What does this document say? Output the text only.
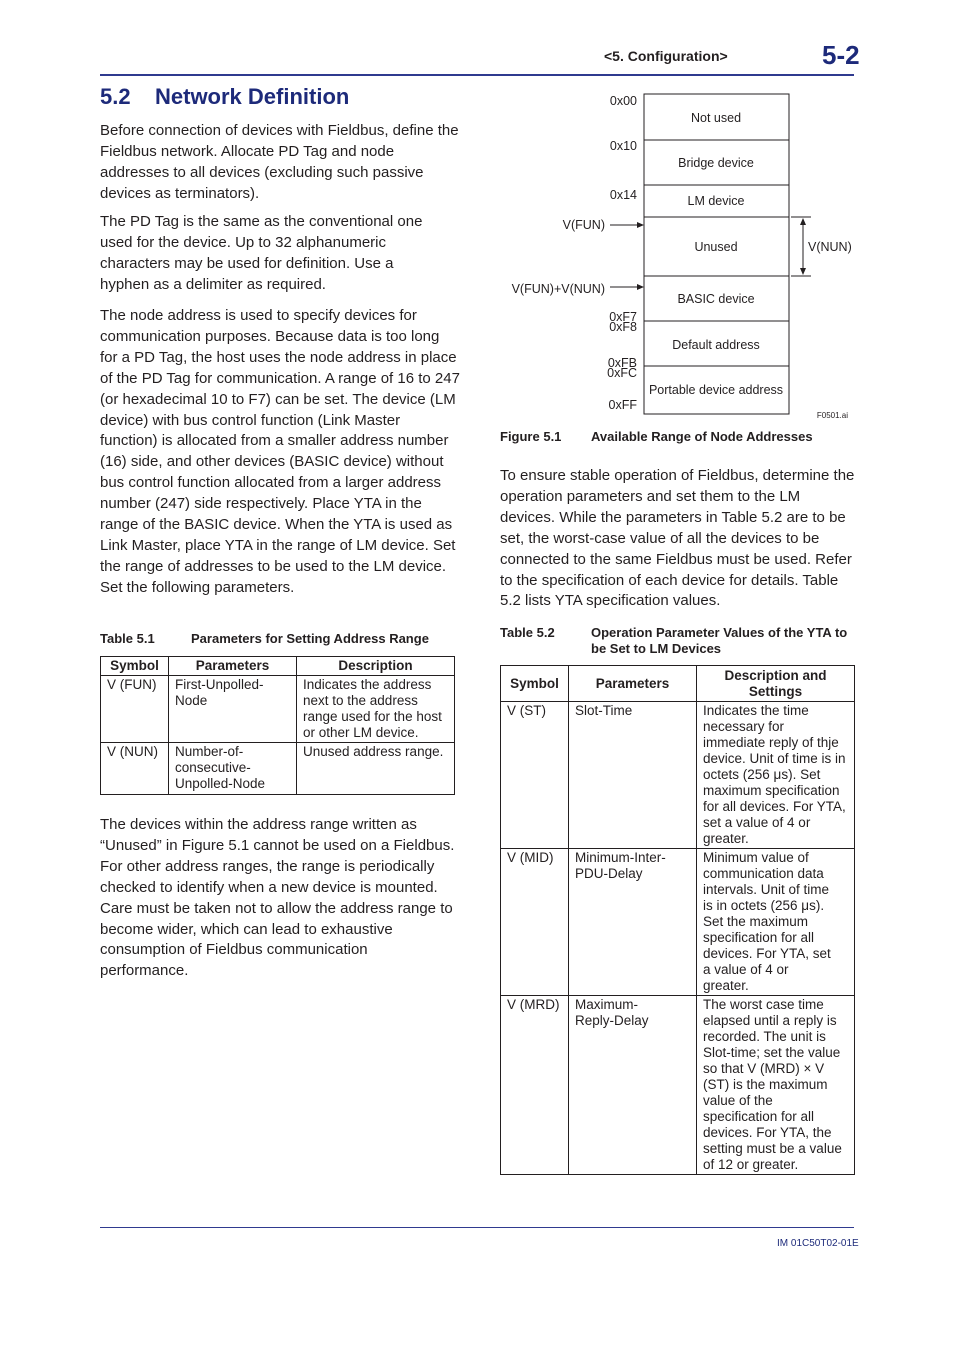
<5. Configuration>	5-2
5.2 Network Definition

Before connection of devices with Fieldbus, define the Fieldbus network. Allocate PD Tag and node addresses to all devices (excluding such passive devices as terminators).

The PD Tag is the same as the conventional one used for the device. Up to 32 alphanumeric characters may be used for definition. Use a hyphen as a delimiter as required.

The node address is used to specify devices for communication purposes. Because data is too long for a PD Tag, the host uses the node address in place of the PD Tag for communication. A range of 16 to 247 (or hexadecimal 10 to F7) can be set. The device (LM device) with bus control function (Link Master function) is allocated from a smaller address number (16) side, and other devices (BASIC device) without bus control function allocated from a larger address number (247) side respectively. Place YTA in the range of the BASIC device. When the YTA is used as Link Master, place YTA in the range of LM device. Set the range of addresses to be used to the LM device. Set the following parameters.

Table 5.1	Parameters for Setting Address Range
Symbol	Parameters	Description
V (FUN)	First-Unpolled-Node	Indicates the address next to the address range used for the host or other LM device.
V (NUN)	Number-of-consecutive-Unpolled-Node	Unused address range.

The devices within the address range written as “Unused” in Figure 5.1 cannot be used on a Fieldbus. For other address ranges, the range is periodically checked to identify when a new device is mounted. Care must be taken not to allow the address range to become wider, which can lead to exhaustive consumption of Fieldbus communication performance.

Not used
Bridge device
LM device
Unused
BASIC device
Default address
Portable device address
0x00
0x10
0x14
0xF7
0xF8
0xFB
0xFC
0xFF
V(FUN)
V(FUN)+V(NUN)
V(NUN)
F0501.ai
Figure 5.1 Available Range of Node Addresses

To ensure stable operation of Fieldbus, determine the operation parameters and set them to the LM devices. While the parameters in Table 5.2 are to be set, the worst-case value of all the devices to be connected to the same Fieldbus must be used. Refer to the specification of each device for details. Table 5.2 lists YTA specification values.

Table 5.2	Operation Parameter Values of the YTA to be Set to LM Devices
Symbol	Parameters	Description and Settings
V (ST)	Slot-Time	Indicates the time necessary for immediate reply of thje device. Unit of time is in octets (256 μs). Set maximum specification for all devices. For YTA, set a value of 4 or greater.
V (MID)	Minimum-Inter-PDU-Delay	Minimum value of communication data intervals. Unit of time is in octets (256 μs). Set the maximum specification for all devices. For YTA, set a value of 4 or greater.
V (MRD)	Maximum-Reply-Delay	The worst case time elapsed until a reply is recorded. The unit is Slot-time; set the value so that V (MRD) × V (ST) is the maximum value of the specification for all devices. For YTA, the setting must be a value of 12 or greater.
IM 01C50T02-01E
